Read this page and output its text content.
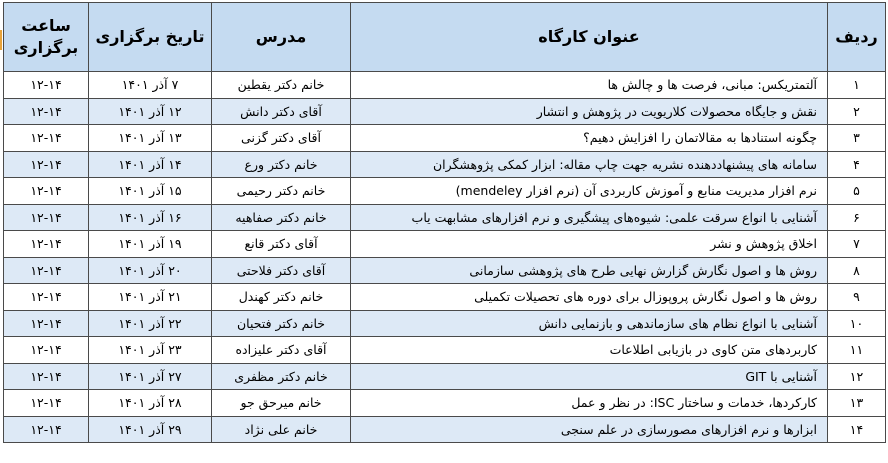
ردیف	عنوان کارگاه	مدرس	تاریخ برگزاری	ساعت برگزاری
۱	آلتمتریکس: مبانی، فرصت ها و چالش ها	خانم دکتر یقطین	۷ آذر ۱۴۰۱	۱۲-۱۴
۲	نقش و جایگاه محصولات کلاریویت در پژوهش و انتشار	آقای دکتر دانش	۱۲ آذر ۱۴۰۱	۱۲-۱۴
۳	چگونه استنادها به مقالاتمان را افزایش دهیم؟	آقای دکتر گزنی	۱۳ آذر ۱۴۰۱	۱۲-۱۴
۴	سامانه های پیشنهاددهنده نشریه جهت چاپ مقاله: ابزار کمکی پژوهشگران	خانم دکتر ورع	۱۴ آذر ۱۴۰۱	۱۲-۱۴
۵	نرم افزار مدیریت منابع و آموزش کاربردی آن (نرم افزار mendeley)	خانم دکتر رحیمی	۱۵ آذر ۱۴۰۱	۱۲-۱۴
۶	آشنایی با انواع سرقت علمی: شیوه‌های پیشگیری و نرم افزارهای مشابهت یاب	خانم دکتر صفاهیه	۱۶ آذر ۱۴۰۱	۱۲-۱۴
۷	اخلاق پژوهش و نشر	آقای دکتر قانع	۱۹ آذر ۱۴۰۱	۱۲-۱۴
۸	روش ها و اصول نگارش گزارش نهایی طرح های پژوهشی سازمانی	آقای دکتر فلاحتی	۲۰ آذر ۱۴۰۱	۱۲-۱۴
۹	روش ها و اصول نگارش پروپوزال برای دوره های تحصیلات تکمیلی	خانم دکتر کهندل	۲۱ آذر ۱۴۰۱	۱۲-۱۴
۱۰	آشنایی با انواع نظام های سازماندهی و بازنمایی دانش	خانم دکتر فتحیان	۲۲ آذر ۱۴۰۱	۱۲-۱۴
۱۱	کاربردهای متن کاوی در بازیابی اطلاعات	آقای دکتر علیزاده	۲۳ آذر ۱۴۰۱	۱۲-۱۴
۱۲	آشنایی با GIT	خانم دکتر مظفری	۲۷ آذر ۱۴۰۱	۱۲-۱۴
۱۳	کارکردها، خدمات و ساختار ISC: در نظر و عمل	خانم میرحق جو	۲۸ آذر ۱۴۰۱	۱۲-۱۴
۱۴	ابزارها و نرم افزارهای مصورسازی در علم سنجی	خانم علی نژاد	۲۹ آذر ۱۴۰۱	۱۲-۱۴
